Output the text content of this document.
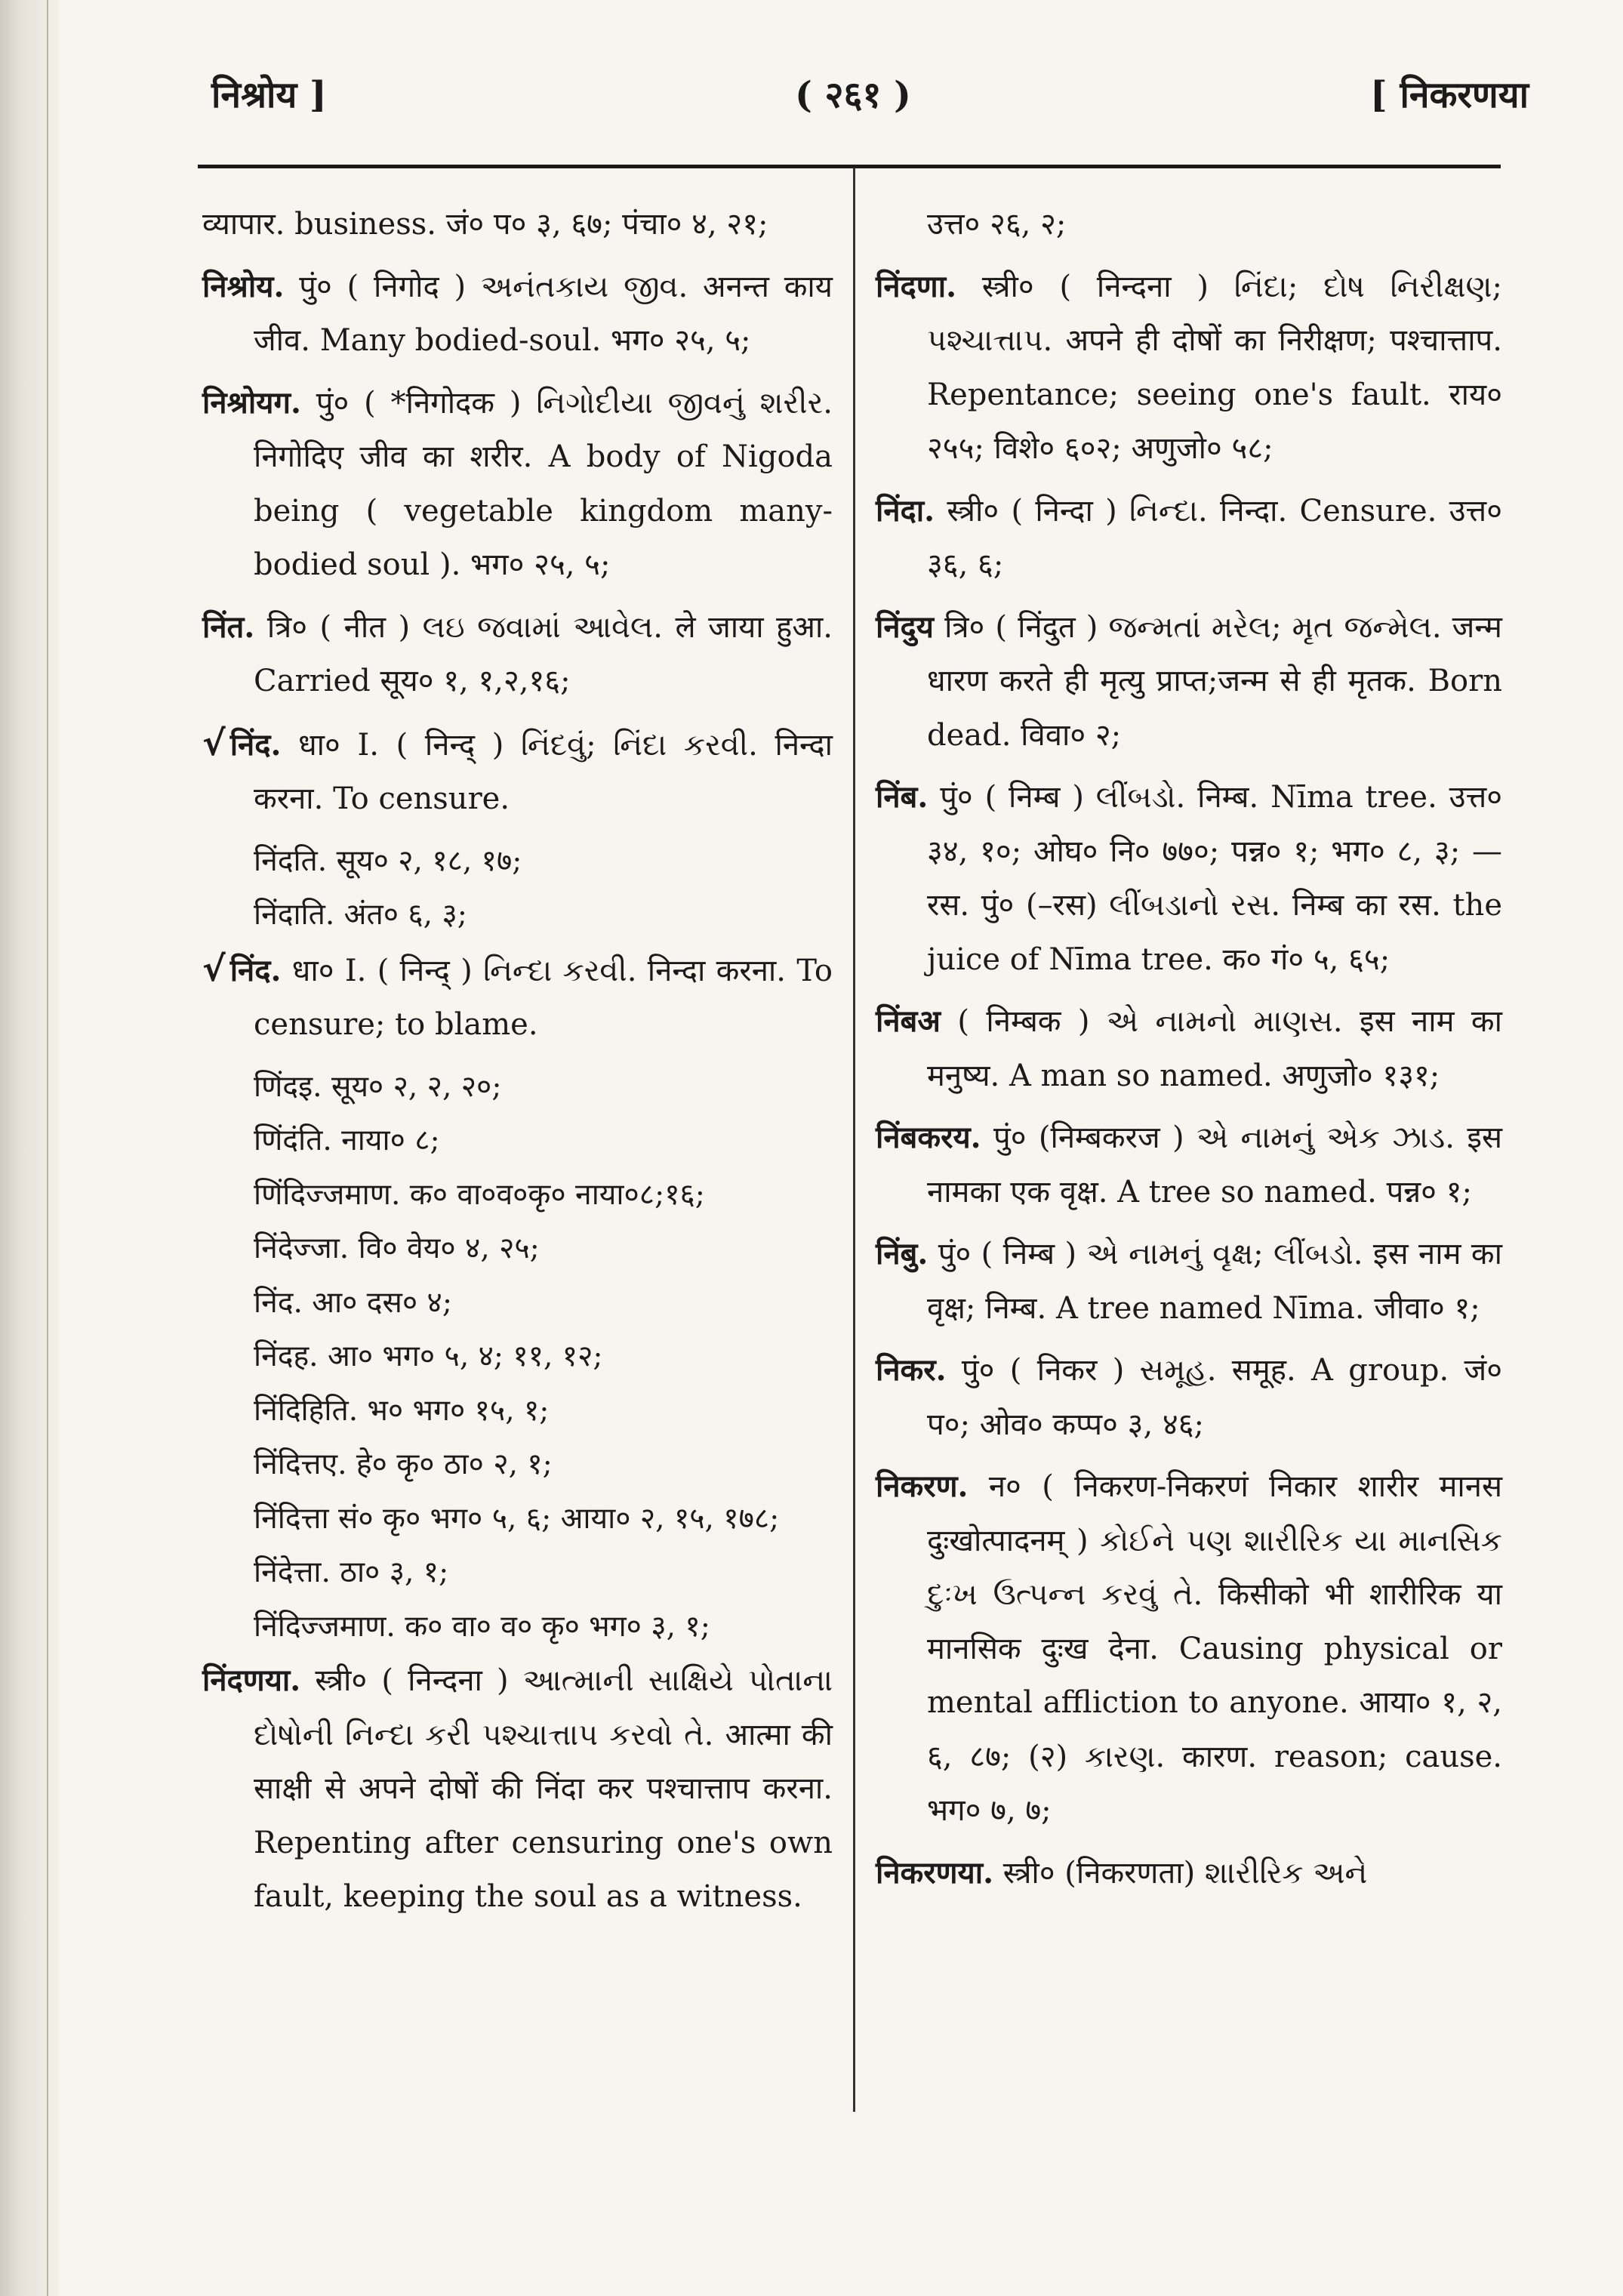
निश्रोय ]	( २६१ )	[ निकरणया

व्यापार. business. जं० प० ३, ६७; पंचा० ४, २१;

निश्रोय. पुं० ( निगोद ) અનંતકાય જીવ. अनन्त काय जीव. Many bodied-soul. भग० २५, ५;

निश्रोयग. पुं० ( *निगोदक ) નિગોદીયા જીવનું શરીર. निगोदिए जीव का शरीर. A body of Nigoda being ( vegetable kingdom many-bodied soul ). भग० २५, ५;

निंत. त्रि० ( नीत ) લઇ જવામાં આવેલ. ले जाया हुआ. Carried सूय० १, १,२,१६;

√ निंद. धा० I. ( निन्द् ) નિંદવું; નિંદા કરવી. निन्दा करना. To censure.

निंदति. सूय० २, १८, १७;

निंदाति. अंत० ६, ३;

√ निंद. धा० I. ( निन्द् ) નિન્દા કરવી. निन्दा करना. To censure; to blame.

णिंदइ. सूय० २, २, २०;

णिंदंति. नाया० ८;

णिंदिज्जमाण. क० वा०व०कृ० नाया०८;१६;

निंदेज्जा. वि० वेय० ४, २५;

निंद. आ० दस० ४;

निंदह. आ० भग० ५, ४; ११, १२;

निंदिहिति. भ० भग० १५, १;

निंदित्तए. हे० कृ० ठा० २, १;

निंदित्ता सं० कृ० भग० ५, ६; आया० २, १५, १७८;

निंदेत्ता. ठा० ३, १;

निंदिज्जमाण. क० वा० व० कृ० भग० ३, १;

निंदणया. स्त्री० ( निन्दना ) આત્માની સાક્ષિયે પોતાના દોષોની નિન્દા કરી પશ્ચાત્તાપ કરવો તે. आत्मा की साक्षी से अपने दोषों की निंदा कर पश्चात्ताप करना. Repenting after censuring one's own fault, keeping the soul as a witness.

उत्त० २६, २;

निंदणा. स्त्री० ( निन्दना ) નિંદા; દોષ નિરીક્ષણ; પશ્ચાત્તાપ. अपने ही दोषों का निरीक्षण; पश्चात्ताप. Repentance; seeing one's fault. राय० २५५; विशे० ६०२; अणुजो० ५८;

निंदा. स्त्री० ( निन्दा ) નિન્દા. निन्दा. Censure. उत्त० ३६, ६;

निंदुय त्रि० ( निंदुत ) જન્મતાં મરેલ; મૃત જન્મેલ. जन्म धारण करते ही मृत्यु प्राप्त;जन्म से ही मृतक. Born dead. विवा० २;

निंब. पुं० ( निम्ब ) લીંબડો. निम्ब. Nīma tree. उत्त० ३४, १०; ओघ० नि० ७७०; पन्न० १; भग० ८, ३; —रस. पुं० (–रस) લીંબડાનો રસ. निम्ब का रस. the juice of Nīma tree. क० गं० ५, ६५;

निंबअ ( निम्बक ) એ નામનો માણસ. इस नाम का मनुष्य. A man so named. अणुजो० १३१;

निंबकरय. पुं० (निम्बकरज ) એ નામનું એક ઝાડ. इस नामका एक वृक्ष. A tree so named. पन्न० १;

निंबु. पुं० ( निम्ब ) એ નામનું વૃક્ષ; લીંબડો. इस नाम का वृक्ष; निम्ब. A tree named Nīma. जीवा० १;

निकर. पुं० ( निकर ) સમૂહ. समूह. A group. जं० प०; ओव० कप्प० ३, ४६;

निकरण. न० ( निकरण-निकरणं निकार शारीर मानस दुःखोत्पादनम् ) કોઈને પણ શારીરિક યા માનસિક દુઃખ ઉત્પન્ન કરવું તે. किसीको भी शारीरिक या मानसिक दुःख देना. Causing physical or mental affliction to anyone. आया० १, २, ६, ८७; (२) કારણ. कारण. reason; cause. भग० ७, ७;

निकरणया. स्त्री० (निकरणता) શારીરિક અને
